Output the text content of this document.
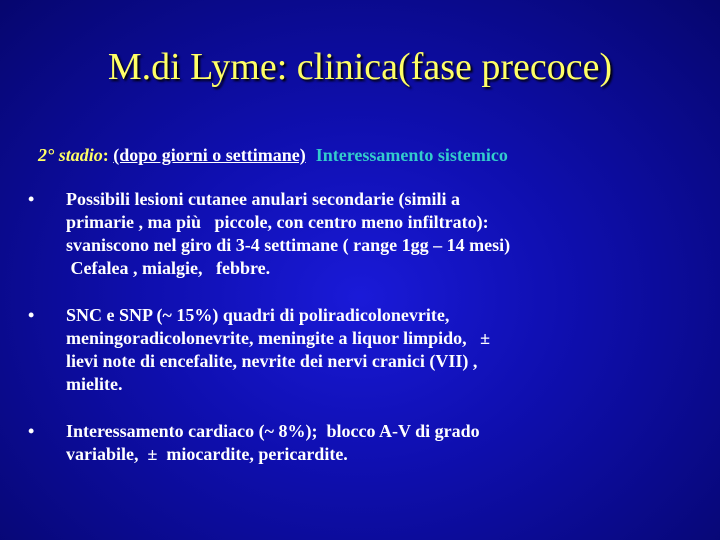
M.di Lyme: clinica(fase precoce)
2° stadio: (dopo giorni o settimane) Interessamento sistemico
• Possibili lesioni cutanee anulari secondarie (simili a
primarie , ma più   piccole, con centro meno infiltrato):
svaniscono nel giro di 3-4 settimane ( range 1gg – 14 mesi)
Cefalea , mialgie,   febbre.
• SNC e SNP (~ 15%) quadri di poliradicolonevrite,
meningoradicolonevrite, meningite a liquor limpido,   ±
lievi note di encefalite, nevrite dei nervi cranici (VII) ,
mielite.
• Interessamento cardiaco (~ 8%);  blocco A-V di grado
variabile,  ±  miocardite, pericardite.
